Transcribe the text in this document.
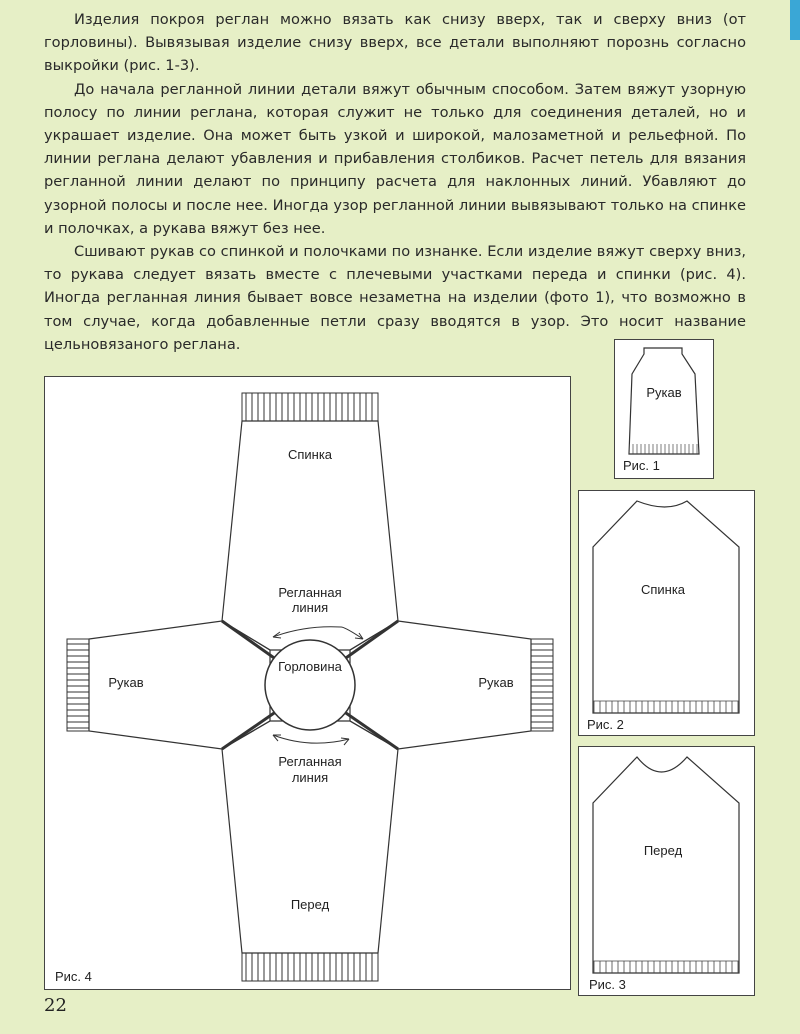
Изделия покроя реглан можно вязать как снизу вверх, так и сверху вниз (от горловины). Вывязывая изделие снизу вверх, все детали выполняют порознь согласно выкройки (рис. 1-3).

До начала регланной линии детали вяжут обычным способом. Затем вяжут узорную полосу по линии реглана, которая служит не только для соединения деталей, но и украшает изделие. Она может быть узкой и широкой, малозаметной и рельефной. По линии реглана делают убавления и прибавления столбиков. Расчет петель для вязания регланной линии делают по принципу расчета для наклонных линий. Убавляют до узорной полосы и после нее. Иногда узор регланной линии вывязывают только на спинке и полочках, а рукава вяжут без нее.

Сшивают рукав со спинкой и полочками по изнанке. Если изделие вяжут сверху вниз, то рукава следует вязать вместе с плечевыми участками переда и спинки (рис. 4). Иногда регланная линия бывает вовсе незаметна на изделии (фото 1), что возможно в том случае, когда добавленные петли сразу вводятся в узор. Это носит название цельновязаного реглана.

Спинка
Регланная
линия
Горловина
Рукав	Рукав
Регланная
линия
Перед
Рис. 4
Рукав
Рис. 1
Спинка
Рис. 2
Перед
Рис. 3
22
